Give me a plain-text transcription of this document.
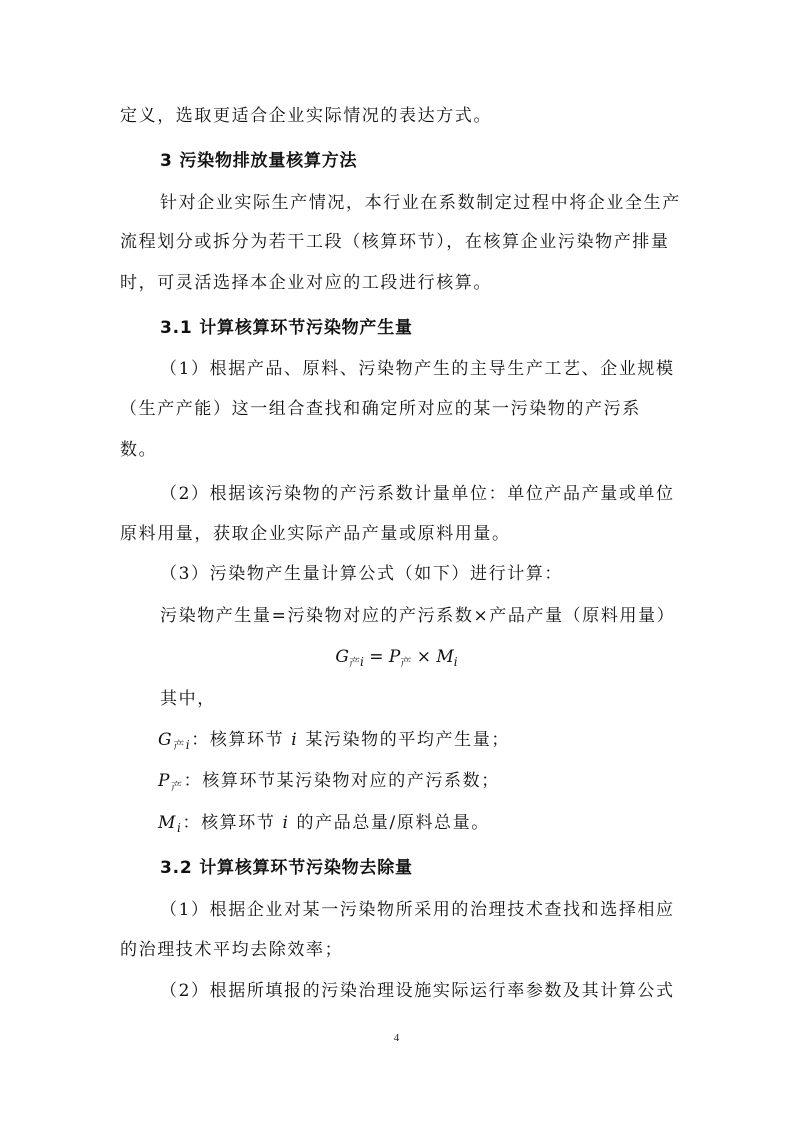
定义，选取更适合企业实际情况的表达方式。
3 污染物排放量核算方法
针对企业实际生产情况，本行业在系数制定过程中将企业全生产
流程划分或拆分为若干工段（核算环节），在核算企业污染物产排量
时，可灵活选择本企业对应的工段进行核算。
3.1 计算核算环节污染物产生量
（1）根据产品、原料、污染物产生的主导生产工艺、企业规模
（生产产能）这一组合查找和确定所对应的某一污染物的产污系
数。
（2）根据该污染物的产污系数计量单位：单位产品产量或单位
原料用量，获取企业实际产品产量或原料用量。
（3）污染物产生量计算公式（如下）进行计算：
污染物产生量=污染物对应的产污系数×产品产量（原料用量）
$G_{产i} = P_产 \times M_i$
其中，
$G_{产i}$：核算环节 i 某污染物的平均产生量；
$P_产$：核算环节某污染物对应的产污系数；
$M_i$：核算环节 i 的产品总量/原料总量。
3.2 计算核算环节污染物去除量
（1）根据企业对某一污染物所采用的治理技术查找和选择相应
的治理技术平均去除效率；
（2）根据所填报的污染治理设施实际运行率参数及其计算公式
4
